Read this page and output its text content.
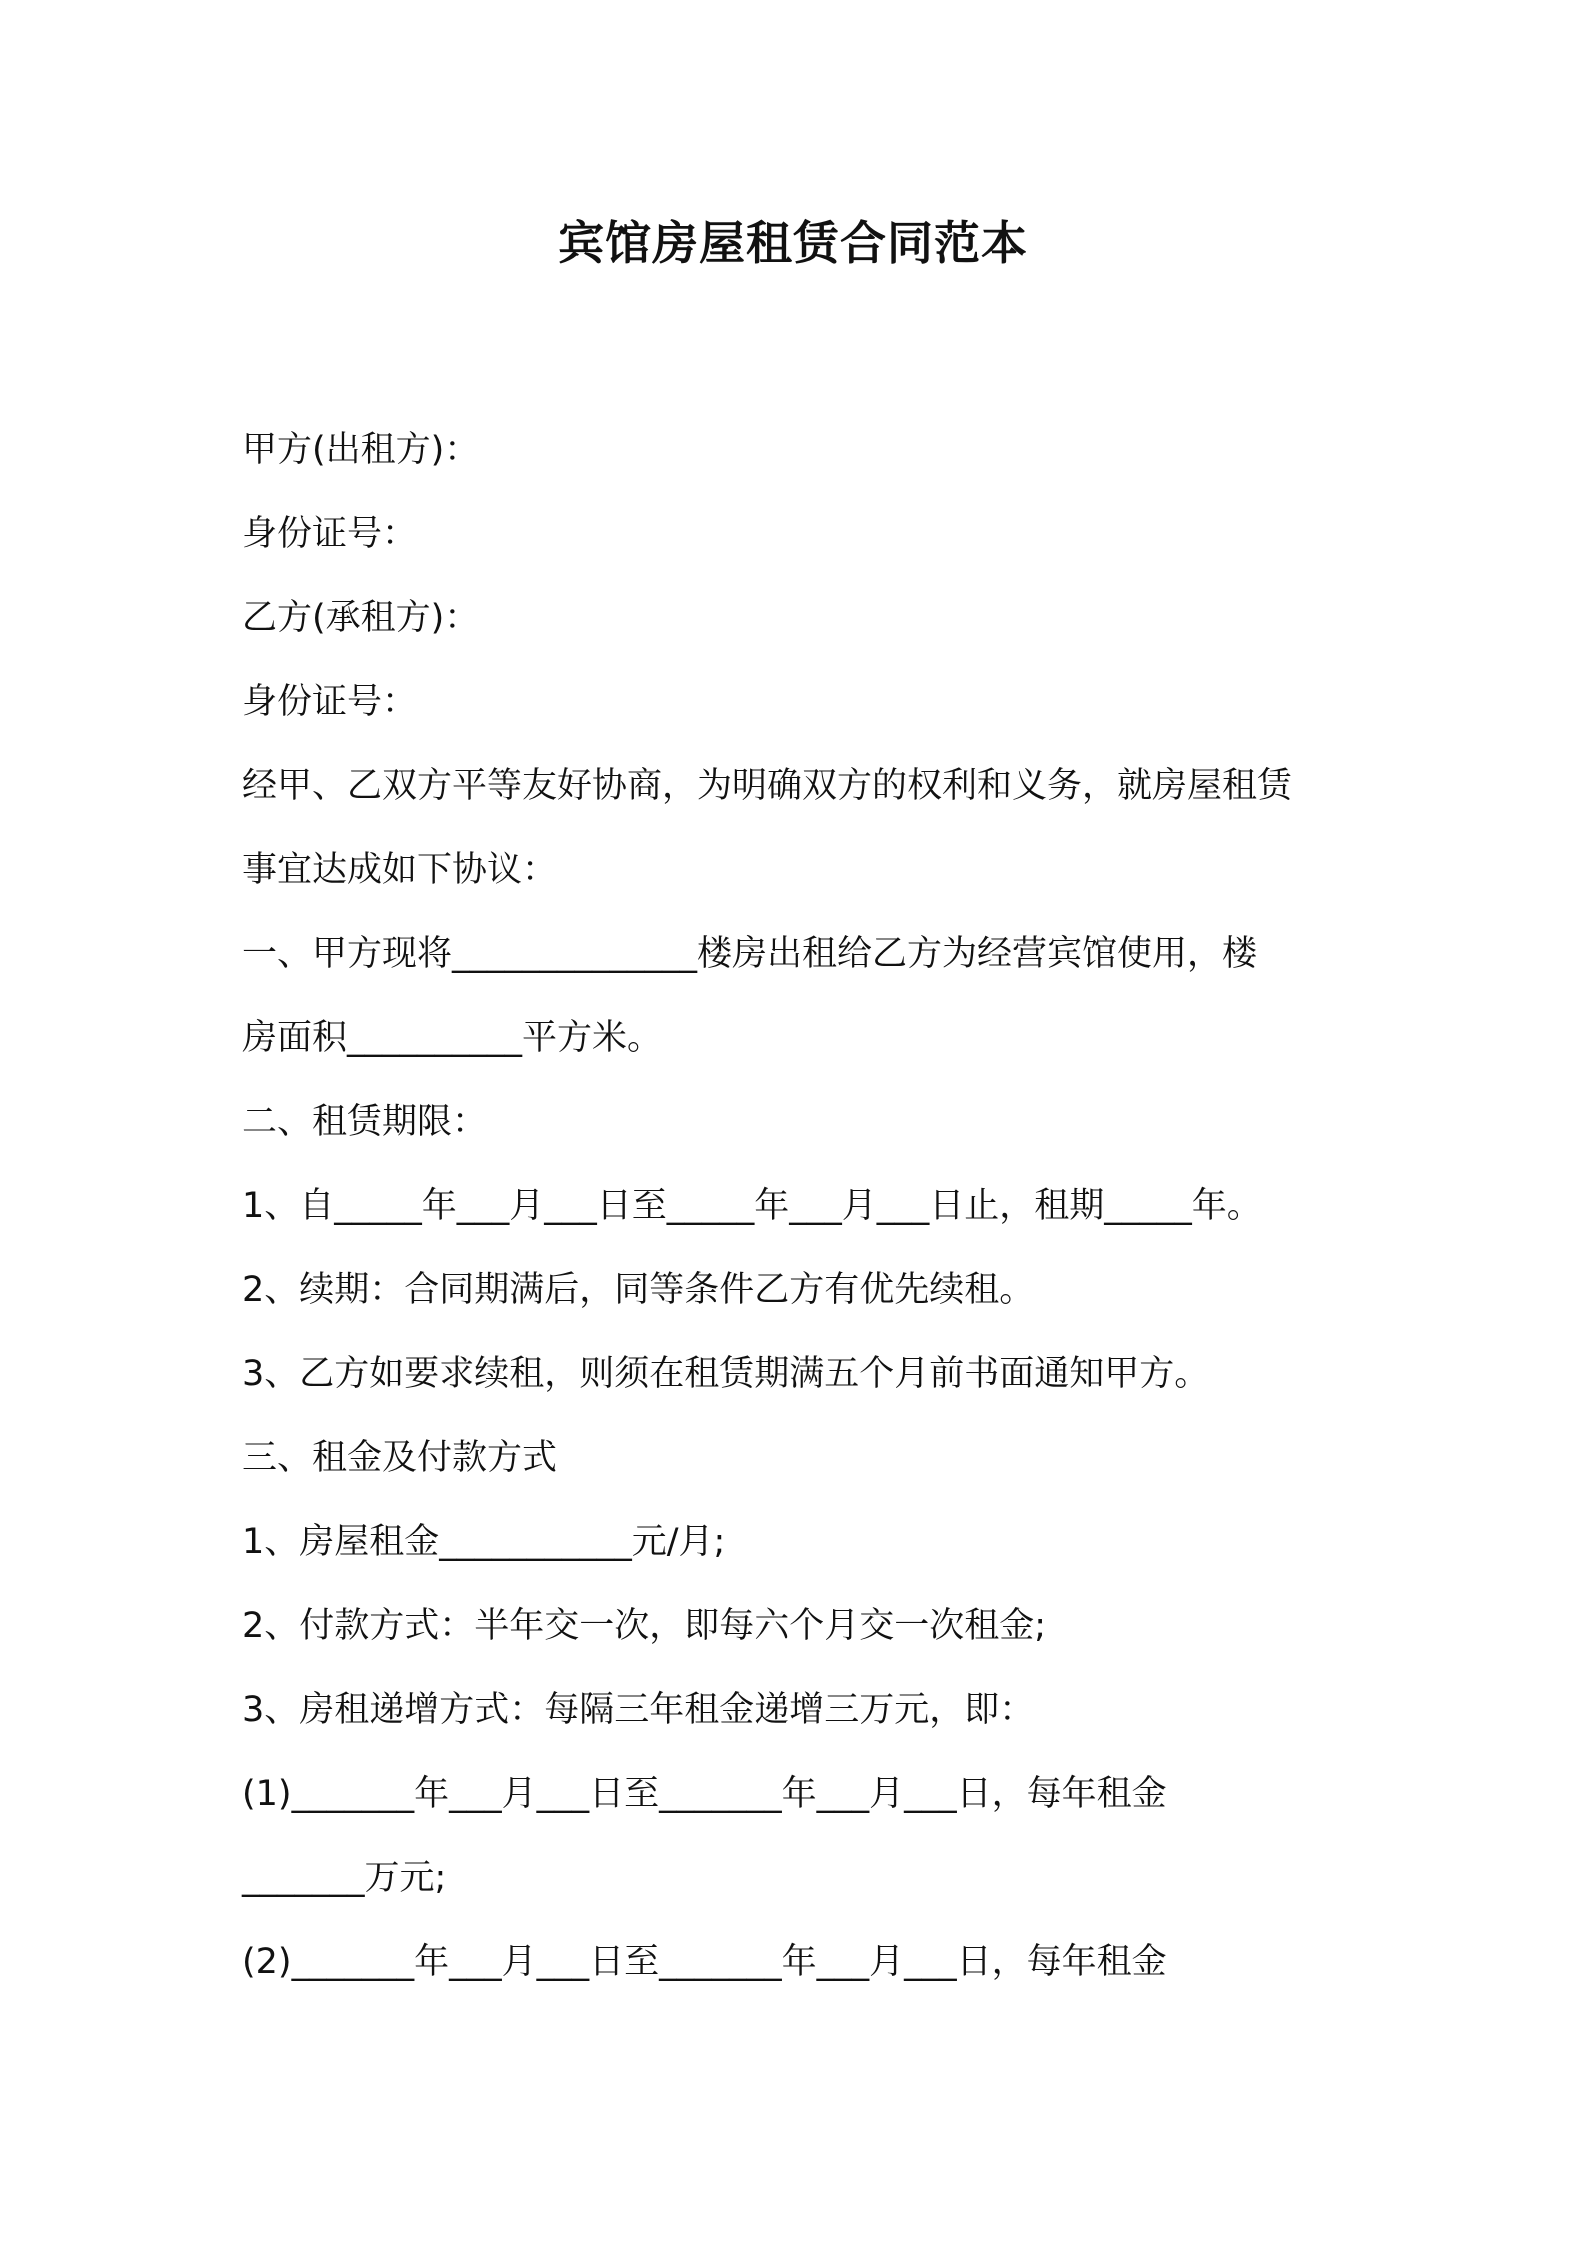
宾馆房屋租赁合同范本
甲方(出租方)：
身份证号：
乙方(承租方)：
身份证号：
经甲、乙双方平等友好协商，为明确双方的权利和义务，就房屋租赁
事宜达成如下协议：
一、甲方现将______________楼房出租给乙方为经营宾馆使用，楼
房面积__________平方米。
二、租赁期限：
1、自_____年___月___日至_____年___月___日止，租期_____年。
2、续期：合同期满后，同等条件乙方有优先续租。
3、乙方如要求续租，则须在租赁期满五个月前书面通知甲方。
三、租金及付款方式
1、房屋租金___________元/月;
2、付款方式：半年交一次，即每六个月交一次租金;
3、房租递增方式：每隔三年租金递增三万元，即：
(1)_______年___月___日至_______年___月___日，每年租金
_______万元;
(2)_______年___月___日至_______年___月___日，每年租金
